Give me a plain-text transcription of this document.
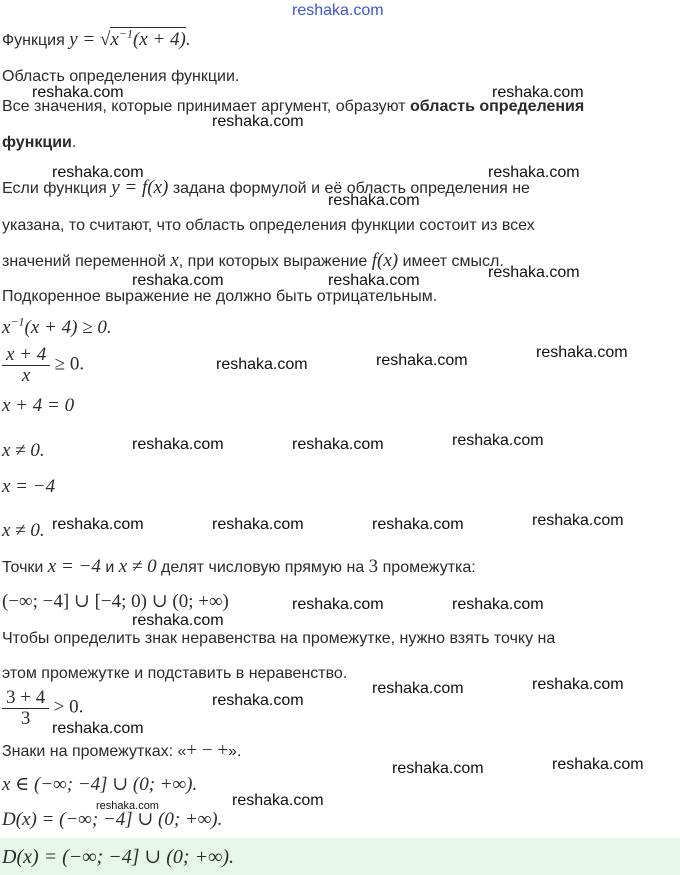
reshaka.com
Функция $y = √x^{-1}(x + 4)$.
Область определения функции.
Все значения, которые принимает аргумент, образуют область определения
функции.
Если функция y = f(x) задана формулой и её область определения не
указана, то считают, что область определения функции состоит из всех
значений переменной x, при которых выражение f(x) имеет смысл.
Подкоренное выражение не должно быть отрицательным.
$x^{-1}(x + 4) \ge 0$.
$\frac{x + 4}{x} \ge 0$.
x + 4 = 0
x ≠ 0.
x = −4
x ≠ 0.
Точки x = −4 и x ≠ 0 делят числовую прямую на 3 промежутка:
(−∞; −4] ∪ [−4; 0) ∪ (0; +∞)
Чтобы определить знак неравенства на промежутке, нужно взять точку на
этом промежутке и подставить в неравенство.
$\frac{3 + 4}{3} > 0$.
Знаки на промежутках: «+ − +».
x ∈ (−∞; −4] ∪ (0; +∞).
D(x) = (−∞; −4] ∪ (0; +∞).
D(x) = (−∞; −4] ∪ (0; +∞).
reshaka.com	reshaka.com
reshaka.com
reshaka.com	reshaka.com
reshaka.com
reshaka.com
reshaka.com	reshaka.com
reshaka.com
reshaka.com
reshaka.com
reshaka.com
reshaka.com	reshaka.com
reshaka.com
reshaka.com	reshaka.com	reshaka.com
reshaka.com	reshaka.com
reshaka.com
reshaka.com
reshaka.com
reshaka.com
reshaka.com
reshaka.com
reshaka.com
reshaka.com
reshaka.com
